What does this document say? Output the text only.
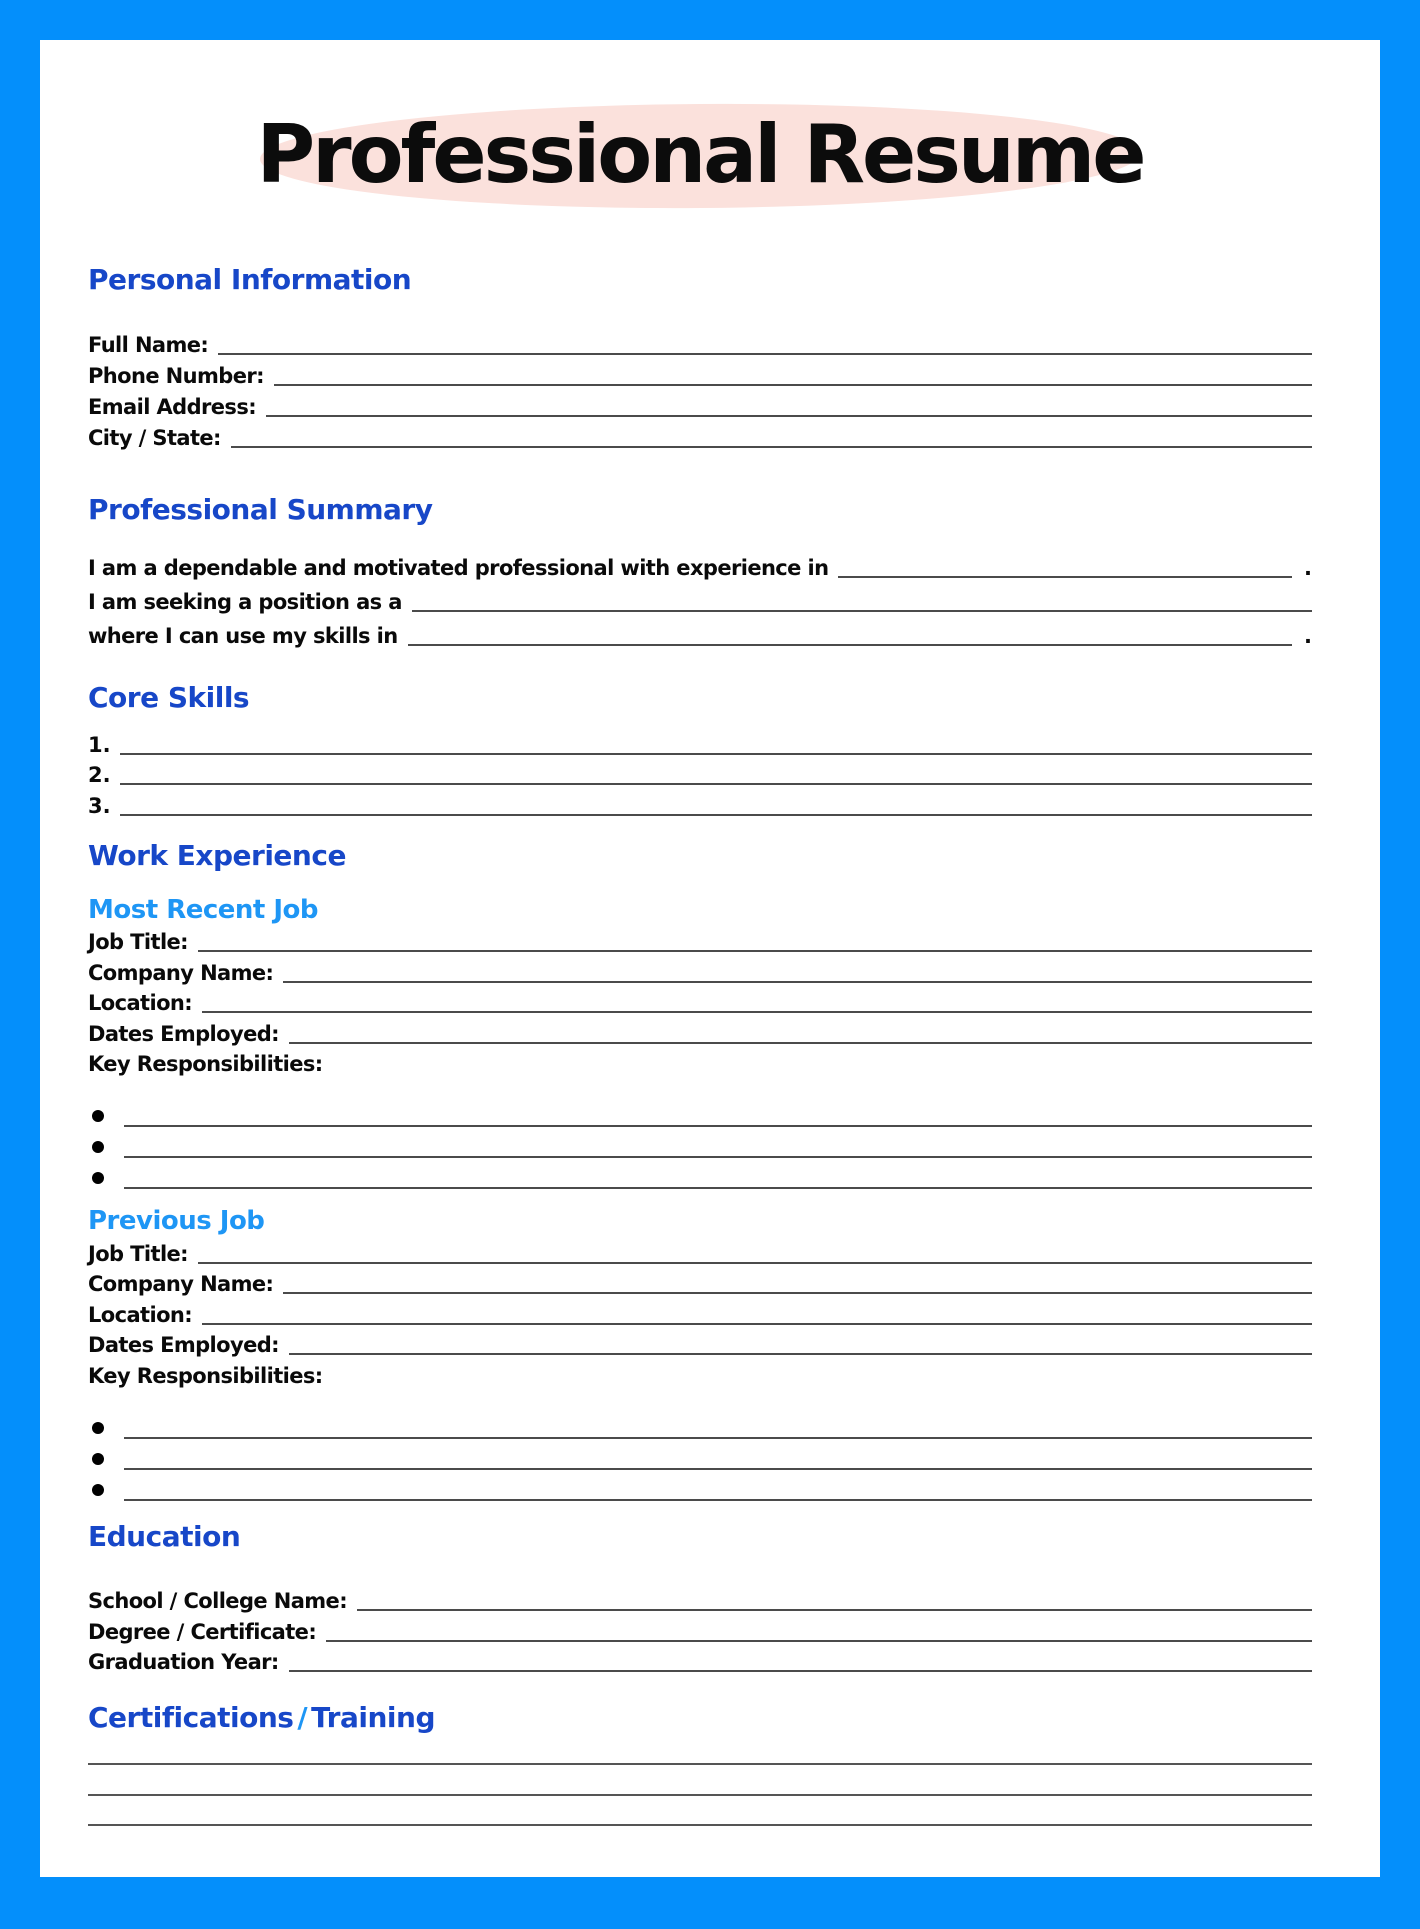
Professional Resume
Personal Information
Full Name:
Phone Number:
Email Address:
City / State:
Professional Summary
I am a dependable and motivated professional with experience in	.
I am seeking a position as a
where I can use my skills in	.
Core Skills
1.
2.
3.
Work Experience
Most Recent Job
Job Title:
Company Name:
Location:
Dates Employed:
Key Responsibilities:
Previous Job
Job Title:
Company Name:
Location:
Dates Employed:
Key Responsibilities:
Education
School / College Name:
Degree / Certificate:
Graduation Year:
Certifications / Training
